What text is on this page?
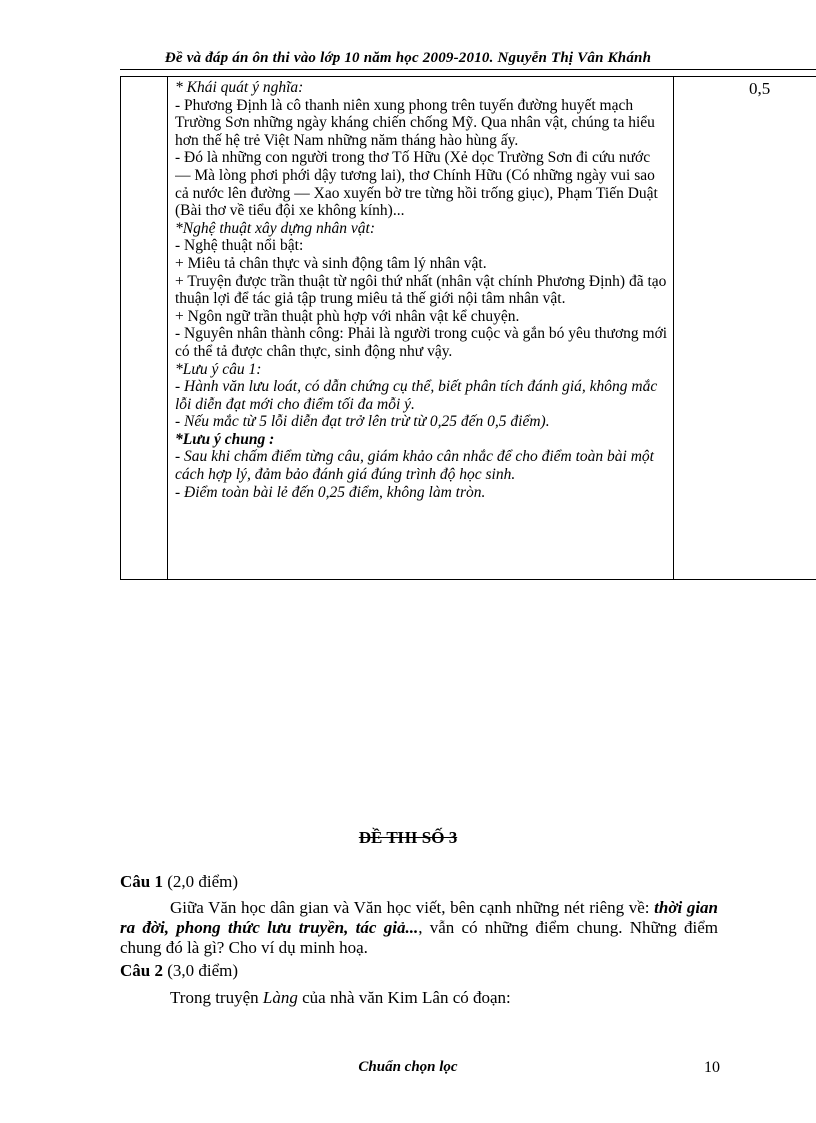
Đề và đáp án ôn thi vào lớp 10 năm học 2009-2010. Nguyễn Thị Vân Khánh
* Khái quát ý nghĩa:
- Phương Định là cô thanh niên xung phong trên tuyến đường huyết mạch Trường Sơn những ngày kháng chiến chống Mỹ. Qua nhân vật, chúng ta hiểu hơn thế hệ trẻ Việt Nam những năm tháng hào hùng ấy.
- Đó là những con người trong thơ Tố Hữu (Xẻ dọc Trường Sơn đi cứu nước — Mà lòng phơi phới dậy tương lai), thơ Chính Hữu (Có những ngày vui sao cả nước lên đường — Xao xuyến bờ tre từng hồi trống giục), Phạm Tiến Duật (Bài thơ về tiểu đội xe không kính)...
*Nghệ thuật xây dựng nhân vật:
- Nghệ thuật nổi bật:
+ Miêu tả chân thực và sinh động tâm lý nhân vật.
+ Truyện được trần thuật từ ngôi thứ nhất (nhân vật chính Phương Định) đã tạo thuận lợi để tác giả tập trung miêu tả thế giới nội tâm nhân vật.
+ Ngôn ngữ trần thuật phù hợp với nhân vật kể chuyện.
- Nguyên nhân thành công: Phải là người trong cuộc và gắn bó yêu thương mới có thể tả được chân thực, sinh động như vậy.
*Lưu ý câu 1:
- Hành văn lưu loát, có dẫn chứng cụ thể, biết phân tích đánh giá, không mắc lỗi diễn đạt mới cho điểm tối đa mỗi ý.
- Nếu mắc từ 5 lỗi diễn đạt trở lên trừ từ 0,25 đến 0,5 điểm).
*Lưu ý chung :
- Sau khi chấm điểm từng câu, giám khảo cân nhắc để cho điểm toàn bài một cách hợp lý, đảm bảo đánh giá đúng trình độ học sinh.
- Điểm toàn bài lẻ đến 0,25 điểm, không làm tròn.
0,5
ĐỀ THI SỐ 3
Câu 1 (2,0 điểm)
Giữa Văn học dân gian và Văn học viết, bên cạnh những nét riêng về: thời gian ra đời, phong thức lưu truyền, tác giả..., vẫn có những điểm chung. Những điểm chung đó là gì? Cho ví dụ minh hoạ.
Câu 2 (3,0 điểm)
Trong truyện Làng của nhà văn Kim Lân có đoạn:
Chuẩn chọn lọc	10
